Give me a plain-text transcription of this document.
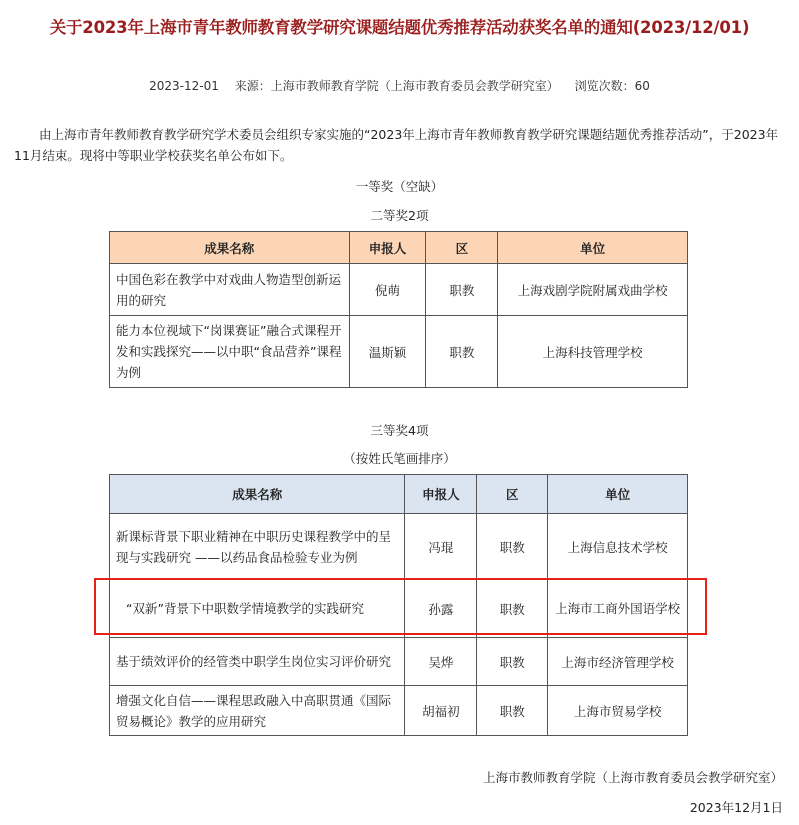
关于2023年上海市青年教师教育教学研究课题结题优秀推荐活动获奖名单的通知(2023/12/01)
2023-12-01 来源：上海市教师教育学院（上海市教育委员会教学研究室） 浏览次数：60
由上海市青年教师教育教学研究学术委员会组织专家实施的“2023年上海市青年教师教育教学研究课题结题优秀推荐活动”，于2023年11月结束。现将中等职业学校获奖名单公布如下。
一等奖（空缺）
二等奖2项
成果名称	申报人	区	单位
中国色彩在教学中对戏曲人物造型创新运用的研究	倪萌	职教	上海戏剧学院附属戏曲学校
能力本位视域下“岗课赛证”融合式课程开发和实践探究——以中职“食品营养”课程为例	温斯颖	职教	上海科技管理学校
三等奖4项
（按姓氏笔画排序）
成果名称	申报人	区	单位
新课标背景下职业精神在中职历史课程教学中的呈现与实践研究 ——以药品食品检验专业为例	冯琨	职教	上海信息技术学校
“双新”背景下中职数学情境教学的实践研究	孙露	职教	上海市工商外国语学校
基于绩效评价的经管类中职学生岗位实习评价研究	吴烨	职教	上海市经济管理学校
增强文化自信——课程思政融入中高职贯通《国际贸易概论》教学的应用研究	胡福初	职教	上海市贸易学校
上海市教师教育学院（上海市教育委员会教学研究室）
2023年12月1日
